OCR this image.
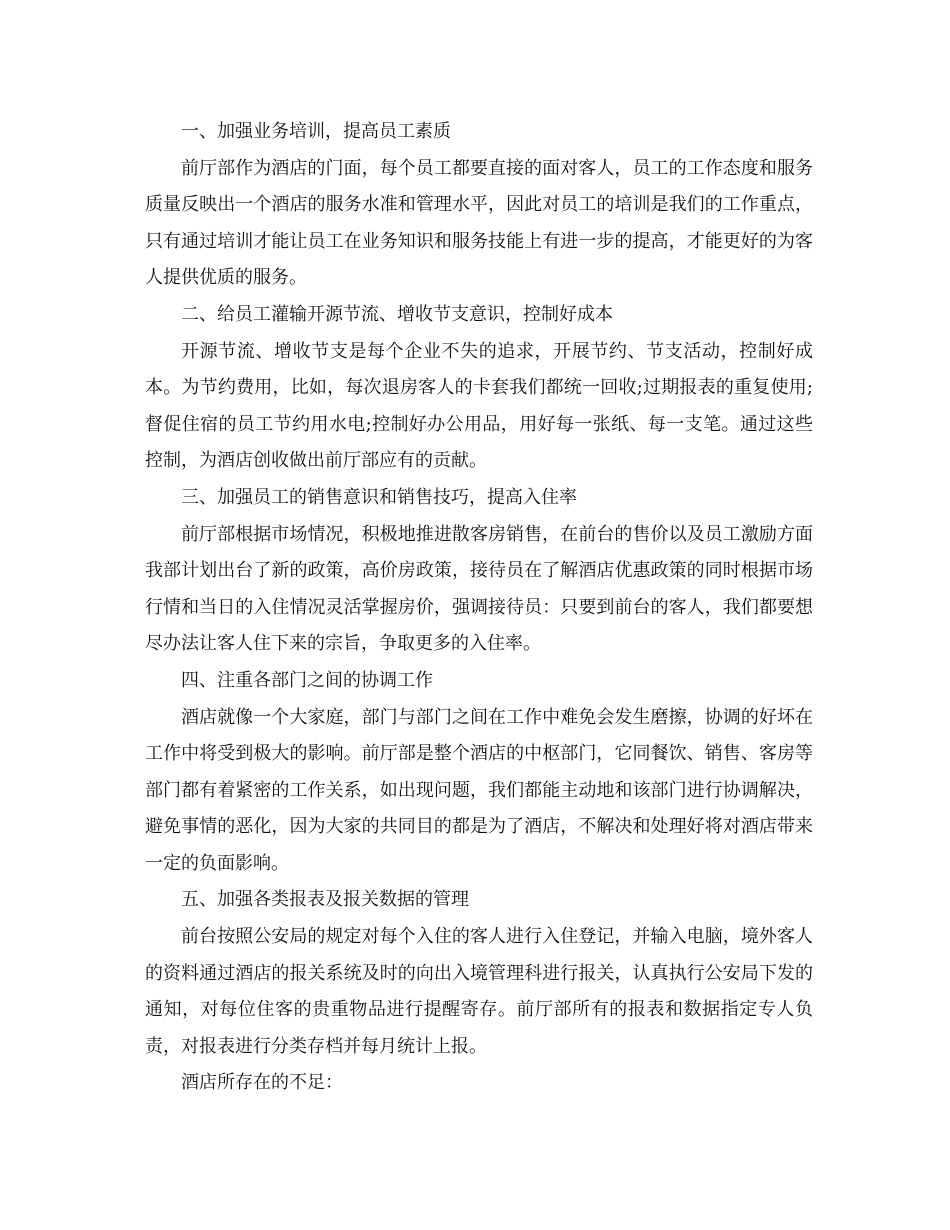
一、加强业务培训，提高员工素质

前厅部作为酒店的门面，每个员工都要直接的面对客人，员工的工作态度和服务质量反映出一个酒店的服务水准和管理水平，因此对员工的培训是我们的工作重点，只有通过培训才能让员工在业务知识和服务技能上有进一步的提高，才能更好的为客人提供优质的服务。

二、给员工灌输开源节流、增收节支意识，控制好成本

开源节流、增收节支是每个企业不失的追求，开展节约、节支活动，控制好成本。为节约费用，比如，每次退房客人的卡套我们都统一回收;过期报表的重复使用;督促住宿的员工节约用水电;控制好办公用品，用好每一张纸、每一支笔。通过这些控制，为酒店创收做出前厅部应有的贡献。

三、加强员工的销售意识和销售技巧，提高入住率

前厅部根据市场情况，积极地推进散客房销售，在前台的售价以及员工激励方面我部计划出台了新的政策，高价房政策，接待员在了解酒店优惠政策的同时根据市场行情和当日的入住情况灵活掌握房价，强调接待员：只要到前台的客人，我们都要想尽办法让客人住下来的宗旨，争取更多的入住率。

四、注重各部门之间的协调工作

酒店就像一个大家庭，部门与部门之间在工作中难免会发生磨擦，协调的好坏在工作中将受到极大的影响。前厅部是整个酒店的中枢部门，它同餐饮、销售、客房等部门都有着紧密的工作关系，如出现问题，我们都能主动地和该部门进行协调解决，避免事情的恶化，因为大家的共同目的都是为了酒店，不解决和处理好将对酒店带来一定的负面影响。

五、加强各类报表及报关数据的管理

前台按照公安局的规定对每个入住的客人进行入住登记，并输入电脑，境外客人的资料通过酒店的报关系统及时的向出入境管理科进行报关，认真执行公安局下发的通知，对每位住客的贵重物品进行提醒寄存。前厅部所有的报表和数据指定专人负责，对报表进行分类存档并每月统计上报。

酒店所存在的不足：
